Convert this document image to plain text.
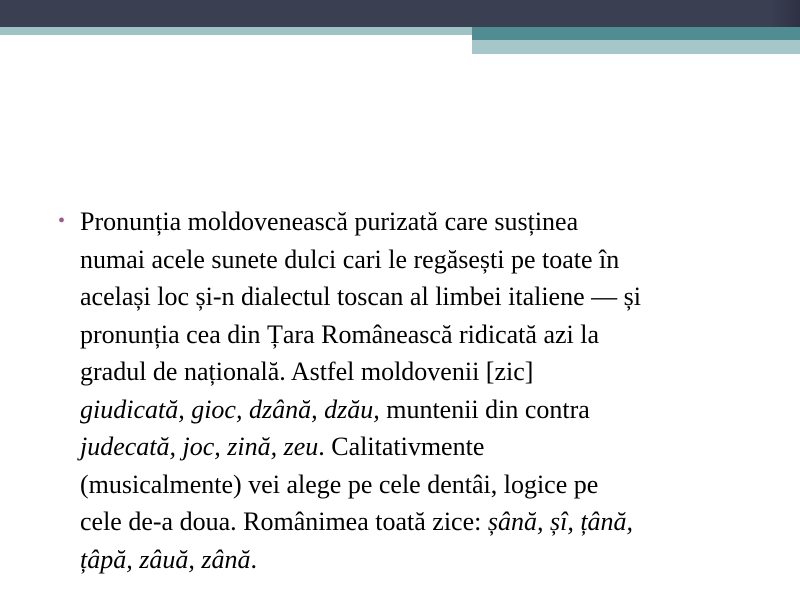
• Pronunția moldovenească purizată care susținea
numai acele sunete dulci cari le regăsești pe toate în
același loc și-n dialectul toscan al limbei italiene — și
pronunția cea din Țara Românească ridicată azi la
gradul de națională. Astfel moldovenii [zic]
giudicată, gioc, dzână, dzău, muntenii din contra
judecată, joc, zină, zeu. Calitativmente
(musicalmente) vei alege pe cele dentâi, logice pe
cele de-a doua. Românimea toată zice: șână, șî, țână,
țâpă, zâuă, zână.
